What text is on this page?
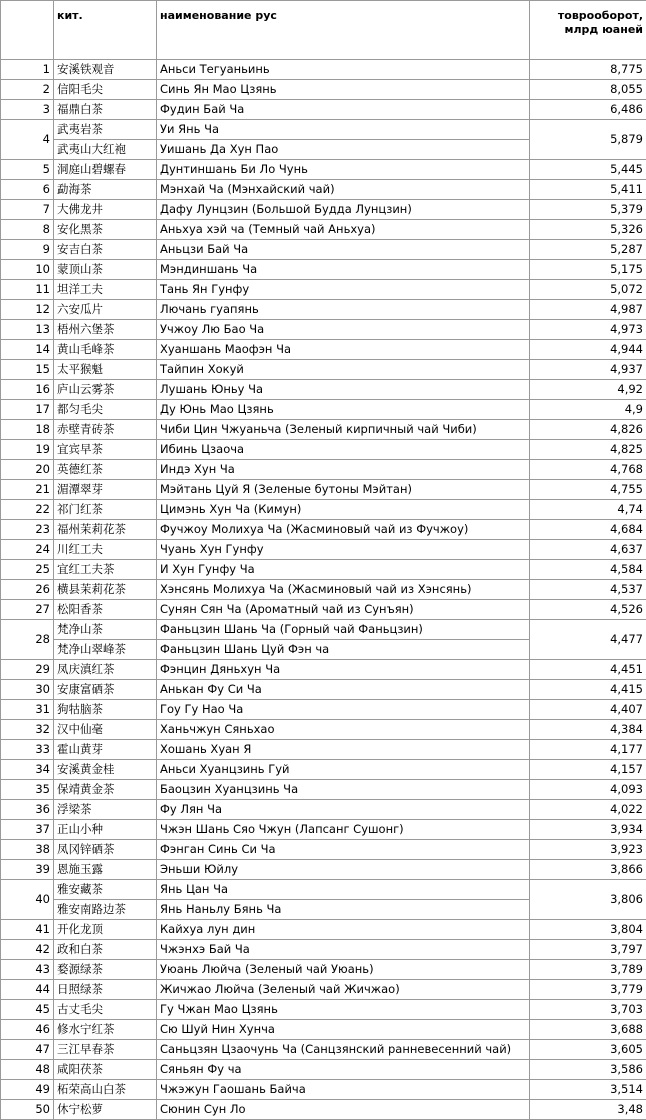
	кит.	наименование рус	товрооборот, млрд юаней
1	安溪铁观音	Аньси Тегуаньинь	8,775
2	信阳毛尖	Синь Ян Мао Цзянь	8,055
3	福鼎白茶	Фудин Бай Ча	6,486
4	武夷岩茶	Уи Янь Ча	5,879
	武夷山大红袍	Уишань Да Хун Пао	
5	洞庭山碧螺春	Дунтиншань Би Ло Чунь	5,445
6	勐海茶	Мэнхай Ча (Мэнхайский чай)	5,411
7	大佛龙井	Дафу Лунцзин (Большой Будда Лунцзин)	5,379
8	安化黑茶	Аньхуа хэй ча (Темный чай Аньхуа)	5,326
9	安吉白茶	Аньцзи Бай Ча	5,287
10	蒙顶山茶	Мэндиншань Ча	5,175
11	坦洋工夫	Тань Ян Гунфу	5,072
12	六安瓜片	Лючань гуапянь	4,987
13	梧州六堡茶	Учжоу Лю Бао Ча	4,973
14	黄山毛峰茶	Хуаншань Маофэн Ча	4,944
15	太平猴魁	Тайпин Хокуй	4,937
16	庐山云雾茶	Лушань Юньу Ча	4,92
17	都匀毛尖	Ду Юнь Мао Цзянь	4,9
18	赤壁青砖茶	Чиби Цин Чжуаньча (Зеленый кирпичный чай Чиби)	4,826
19	宜宾早茶	Ибинь Цзаоча	4,825
20	英德红茶	Индэ Хун Ча	4,768
21	湄潭翠芽	Мэйтань Цуй Я (Зеленые бутоны Мэйтан)	4,755
22	祁门红茶	Цимэнь Хун Ча (Кимун)	4,74
23	福州茉莉花茶	Фучжоу Молихуа Ча (Жасминовый чай из Фучжоу)	4,684
24	川红工夫	Чуань Хун Гунфу	4,637
25	宜红工夫茶	И Хун Гунфу Ча	4,584
26	横县茉莉花茶	Хэнсянь Молихуа Ча (Жасминовый чай из Хэнсянь)	4,537
27	松阳香茶	Сунян Сян Ча (Ароматный чай из Сунъян)	4,526
28	梵净山茶	Фаньцзин Шань Ча (Горный чай Фаньцзин)	4,477
	梵净山翠峰茶	Фаньцзин Шань Цуй Фэн ча	
29	凤庆滇红茶	Фэнцин Дяньхун Ча	4,451
30	安康富硒茶	Анькан Фу Си Ча	4,415
31	狗牯脑茶	Гоу Гу Нао Ча	4,407
32	汉中仙毫	Ханьчжун Сяньхао	4,384
33	霍山黄芽	Хошань Хуан Я	4,177
34	安溪黄金桂	Аньси Хуанцзинь Гуй	4,157
35	保靖黄金茶	Баоцзин Хуанцзинь Ча	4,093
36	浮梁茶	Фу Лян Ча	4,022
37	正山小种	Чжэн Шань Сяо Чжун (Лапсанг Сушонг)	3,934
38	凤冈锌硒茶	Фэнган Синь Си Ча	3,923
39	恩施玉露	Эньши Юйлу	3,866
40	雅安藏茶	Янь Цан Ча	3,806
	雅安南路边茶	Янь Наньлу Бянь Ча	
41	开化龙顶	Кайхуа лун дин	3,804
42	政和白茶	Чжэнхэ Бай Ча	3,797
43	婺源绿茶	Уюань Люйча (Зеленый чай Уюань)	3,789
44	日照绿茶	Жичжао Люйча (Зеленый чай Жичжао)	3,779
45	古丈毛尖	Гу Чжан Мао Цзянь	3,703
46	修水宁红茶	Сю Шуй Нин Хунча	3,688
47	三江早春茶	Саньцзян Цзаочунь Ча (Санцзянский ранневесенний чай)	3,605
48	咸阳茯茶	Сяньян Фу ча	3,586
49	柘荣高山白茶	Чжэжун Гаошань Байча	3,514
50	休宁松萝	Сюнин Сун Ло	3,48
